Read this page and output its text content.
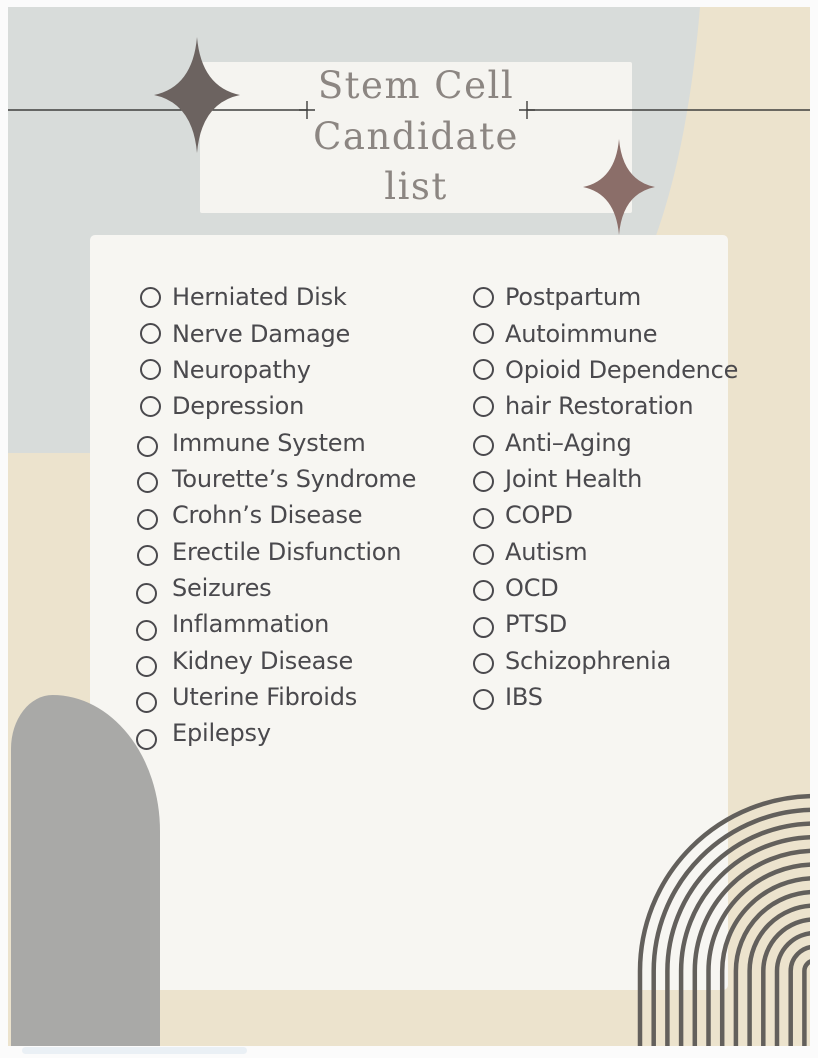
Stem Cell
Candidate
list
Herniated Disk
Nerve Damage
Neuropathy
Depression
Immune System
Tourette’s Syndrome
Crohn’s Disease
Erectile Disfunction
Seizures
Inflammation
Kidney Disease
Uterine Fibroids
Epilepsy
Postpartum
Autoimmune
Opioid Dependence
hair Restoration
Anti–Aging
Joint Health
COPD
Autism
OCD
PTSD
Schizophrenia
IBS
